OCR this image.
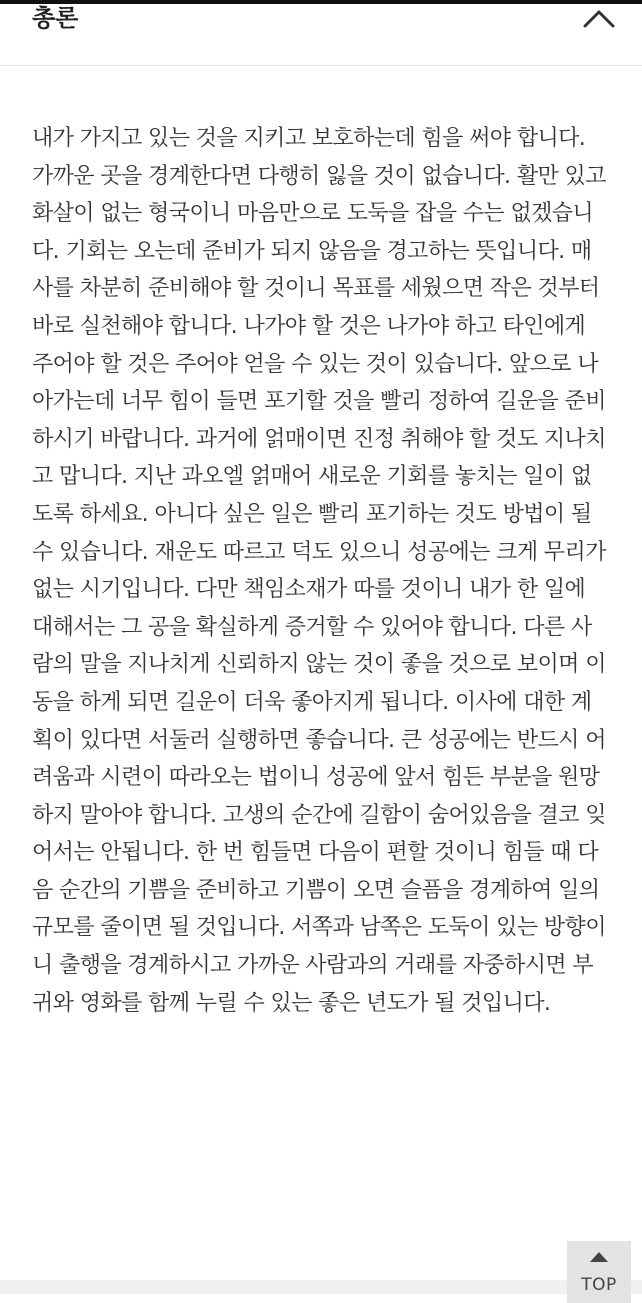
총론

내가 가지고 있는 것을 지키고 보호하는데 힘을 써야 합니다. 가까운 곳을 경계한다면 다행히 잃을 것이 없습니다. 활만 있고 화살이 없는 형국이니 마음만으로 도둑을 잡을 수는 없겠습니다. 기회는 오는데 준비가 되지 않음을 경고하는 뜻입니다. 매사를 차분히 준비해야 할 것이니 목표를 세웠으면 작은 것부터 바로 실천해야 합니다. 나가야 할 것은 나가야 하고 타인에게 주어야 할 것은 주어야 얻을 수 있는 것이 있습니다. 앞으로 나아가는데 너무 힘이 들면 포기할 것을 빨리 정하여 길운을 준비하시기 바랍니다. 과거에 얽매이면 진정 취해야 할 것도 지나치고 맙니다. 지난 과오엘 얽매어 새로운 기회를 놓치는 일이 없도록 하세요. 아니다 싶은 일은 빨리 포기하는 것도 방법이 될 수 있습니다. 재운도 따르고 덕도 있으니 성공에는 크게 무리가 없는 시기입니다. 다만 책임소재가 따를 것이니 내가 한 일에 대해서는 그 공을 확실하게 증거할 수 있어야 합니다. 다른 사람의 말을 지나치게 신뢰하지 않는 것이 좋을 것으로 보이며 이동을 하게 되면 길운이 더욱 좋아지게 됩니다. 이사에 대한 계획이 있다면 서둘러 실행하면 좋습니다. 큰 성공에는 반드시 어려움과 시련이 따라오는 법이니 성공에 앞서 힘든 부분을 원망하지 말아야 합니다. 고생의 순간에 길함이 숨어있음을 결코 잊어서는 안됩니다. 한 번 힘들면 다음이 편할 것이니 힘들 때 다음 순간의 기쁨을 준비하고 기쁨이 오면 슬픔을 경계하여 일의 규모를 줄이면 될 것입니다. 서쪽과 남쪽은 도둑이 있는 방향이니 출행을 경계하시고 가까운 사람과의 거래를 자중하시면 부귀와 영화를 함께 누릴 수 있는 좋은 년도가 될 것입니다.

TOP
